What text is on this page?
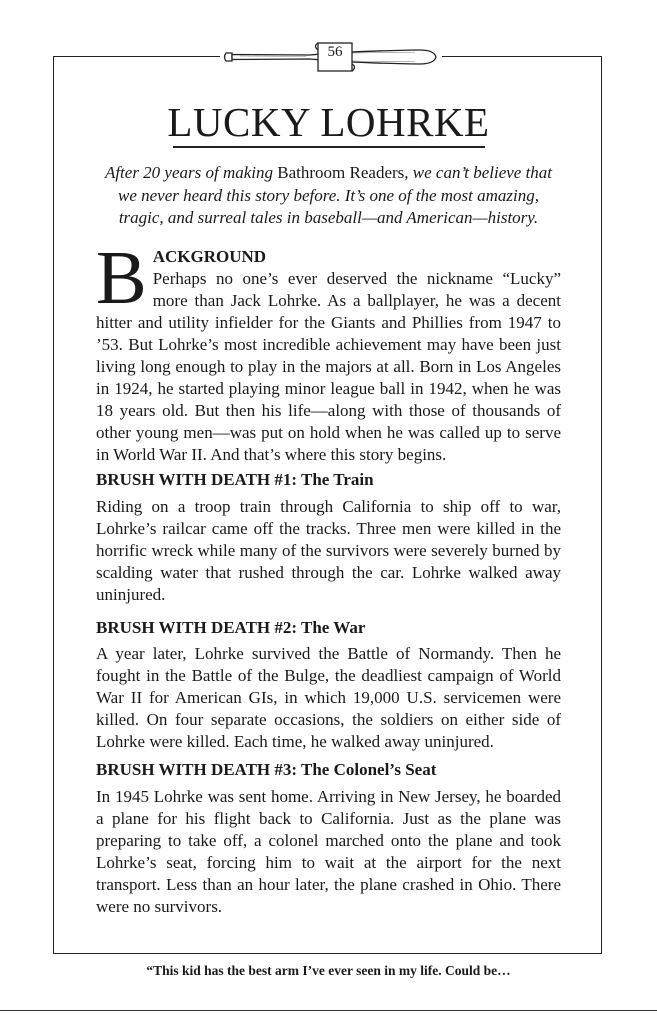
56
LUCKY LOHRKE
After 20 years of making Bathroom Readers, we can’t believe that we never heard this story before. It’s one of the most amazing, tragic, and surreal tales in baseball—and American—history.
B ACKGROUND
Perhaps no one’s ever deserved the nickname “Lucky” more than Jack Lohrke. As a ballplayer, he was a decent hitter and utility infielder for the Giants and Phillies from 1947 to ’53. But Lohrke’s most incredible achievement may have been just living long enough to play in the majors at all. Born in Los Angeles in 1924, he started playing minor league ball in 1942, when he was 18 years old. But then his life—along with those of thousands of other young men—was put on hold when he was called up to serve in World War II. And that’s where this story begins.
BRUSH WITH DEATH #1: The Train
Riding on a troop train through California to ship off to war, Lohrke’s railcar came off the tracks. Three men were killed in the horrific wreck while many of the survivors were severely burned by scalding water that rushed through the car. Lohrke walked away uninjured.
BRUSH WITH DEATH #2: The War
A year later, Lohrke survived the Battle of Normandy. Then he fought in the Battle of the Bulge, the deadliest campaign of World War II for American GIs, in which 19,000 U.S. servicemen were killed. On four separate occasions, the soldiers on either side of Lohrke were killed. Each time, he walked away uninjured.
BRUSH WITH DEATH #3: The Colonel’s Seat
In 1945 Lohrke was sent home. Arriving in New Jersey, he boarded a plane for his flight back to California. Just as the plane was preparing to take off, a colonel marched onto the plane and took Lohrke’s seat, forcing him to wait at the airport for the next transport. Less than an hour later, the plane crashed in Ohio. There were no survivors.
“This kid has the best arm I’ve ever seen in my life. Could be…
